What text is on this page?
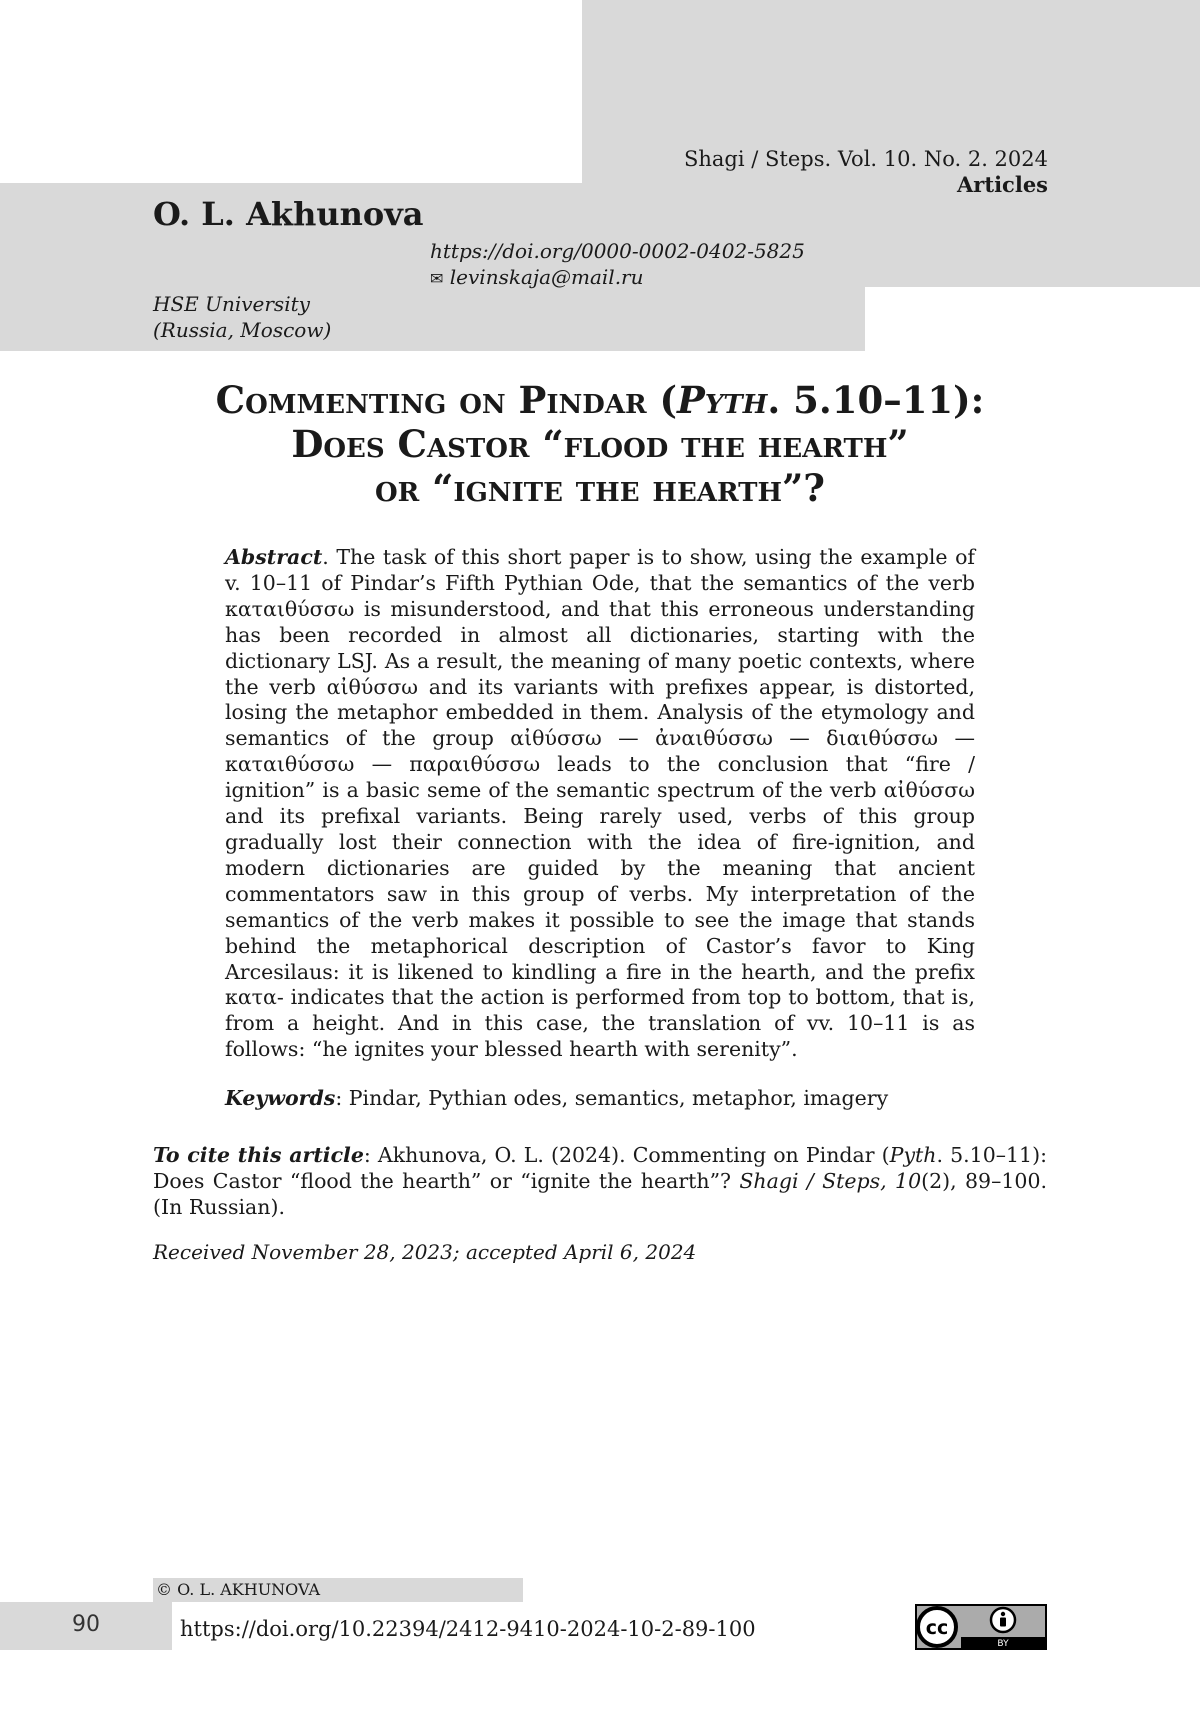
Shagi / Steps. Vol. 10. No. 2. 2024
Articles
O. L. Akhunova
https://doi.org/0000-0002-0402-5825
✉ levinskaja@mail.ru
HSE University
(Russia, Moscow)
Commenting on Pindar (Pyth. 5.10–11):
Does Castor “flood the hearth”
or “ignite the hearth”?
Abstract. The task of this short paper is to show, using the example of v. 10–11 of Pindar’s Fifth Pythian Ode, that the semantics of the verb καταιθύσσω is misunderstood, and that this erroneous understanding has been recorded in almost all dictionaries, starting with the dictionary LSJ. As a result, the meaning of many poetic contexts, where the verb αἰθύσσω and its variants with prefixes appear, is distorted, losing the metaphor embedded in them. Analysis of the etymology and semantics of the group αἰθύσσω — ἀναιθύσσω — διαιθύσσω — καταιθύσσω — παραιθύσσω leads to the conclusion that “fire / ignition” is a basic seme of the semantic spectrum of the verb αἰθύσσω and its prefixal variants. Being rarely used, verbs of this group gradually lost their connection with the idea of fire-ignition, and modern dictionaries are guided by the meaning that ancient commentators saw in this group of verbs. My interpretation of the semantics of the verb makes it possible to see the image that stands behind the metaphorical description of Castor’s favor to King Arcesilaus: it is likened to kindling a fire in the hearth, and the prefix κατα- indicates that the action is performed from top to bottom, that is, from a height. And in this case, the translation of vv. 10–11 is as follows: “he ignites your blessed hearth with serenity”.
Keywords: Pindar, Pythian odes, semantics, metaphor, imagery
To cite this article: Akhunova, O. L. (2024). Commenting on Pindar (Pyth. 5.10–11): Does Castor “flood the hearth” or “ignite the hearth”? Shagi / Steps, 10(2), 89–100. (In Russian).
Received November 28, 2023; accepted April 6, 2024
© O. L. AKHUNOVA
90	https://doi.org/10.22394/2412-9410-2024-10-2-89-100	cc
BY
